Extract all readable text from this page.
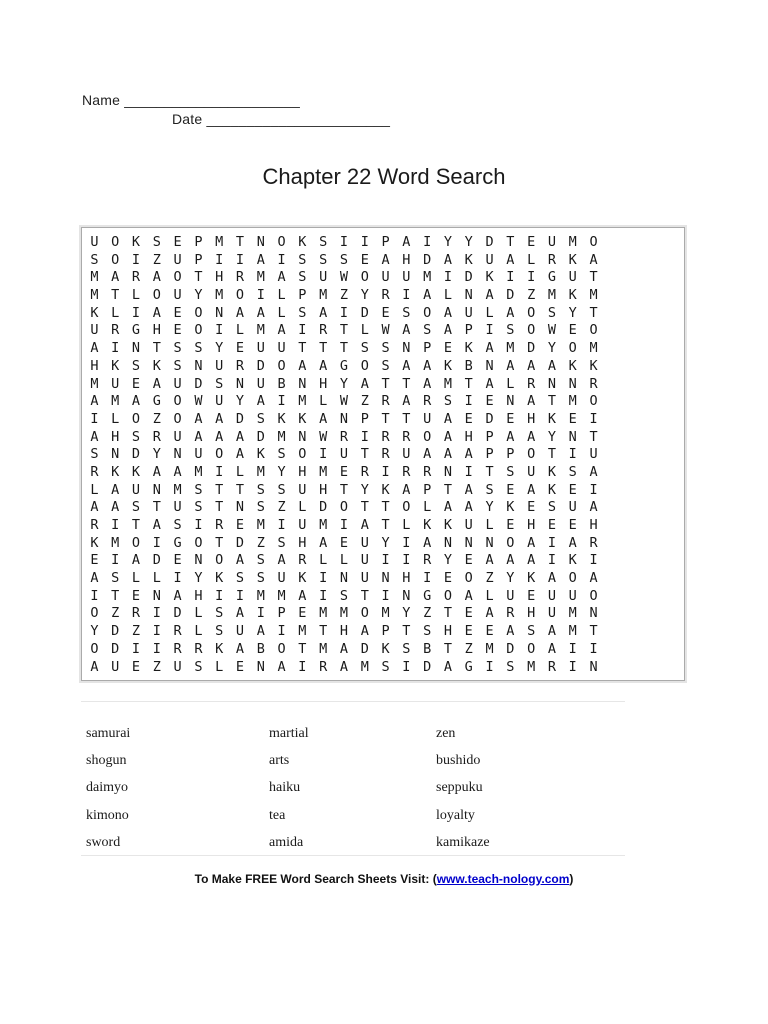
Name ______________________
Date _______________________
Chapter 22 Word Search
U O K S E P M T N O K S I I P A I Y Y D T E U M O
S O I Z U P I I A I S S S E A H D A K U A L R K A
M A R A O T H R M A S U W O U U M I D K I I G U T
M T L O U Y M O I L P M Z Y R I A L N A D Z M K M
K L I A E O N A A L S A I D E S O A U L A O S Y T
U R G H E O I L M A I R T L W A S A P I S O W E O
A I N T S S Y E U U T T T S S N P E K A M D Y O M
H K S K S N U R D O A A G O S A A K B N A A A K K
M U E A U D S N U B N H Y A T T A M T A L R N N R
A M A G O W U Y A I M L W Z R A R S I E N A T M O
I L O Z O A A D S K K A N P T T U A E D E H K E I
A H S R U A A A D M N W R I R R O A H P A A Y N T
S N D Y N U O A K S O I U T R U A A A P P O T I U
R K K A A M I L M Y H M E R I R R N I T S U K S A
L A U N M S T T S S U H T Y K A P T A S E A K E I
A A S T U S T N S Z L D O T T O L A A Y K E S U A
R I T A S I R E M I U M I A T L K K U L E H E E H
K M O I G O T D Z S H A E U Y I A N N N O A I A R
E I A D E N O A S A R L L U I I R Y E A A A I K I
A S L L I Y K S S U K I N U N H I E O Z Y K A O A
I T E N A H I I M M A I S T I N G O A L U E U U O
O Z R I D L S A I P E M M O M Y Z T E A R H U M N
Y D Z I R L S U A I M T H A P T S H E E A S A M T
O D I I R R K A B O T M A D K S B T Z M D O A I I
A U E Z U S L E N A I R A M S I D A G I S M R I N
samurai	martial	zen
shogun	arts	bushido
daimyo	haiku	seppuku
kimono	tea	loyalty
sword	amida	kamikaze
To Make FREE Word Search Sheets Visit: (www.teach-nology.com)
